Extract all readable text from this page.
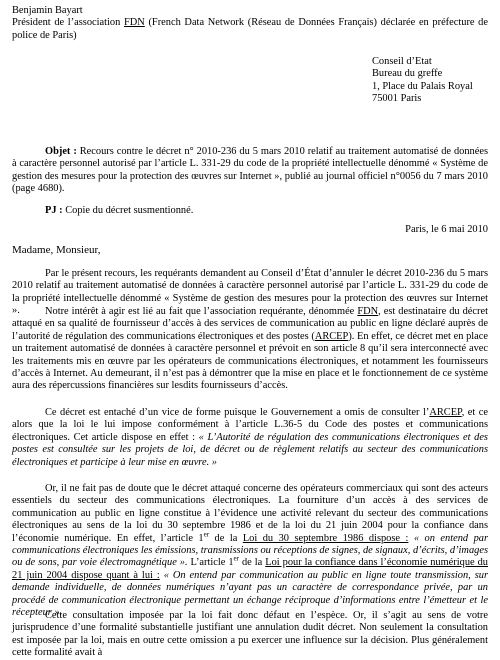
Benjamin Bayart
Président de l’association FDN (French Data Network (Réseau de Données Français) déclarée en préfecture de police de Paris)
Conseil d’Etat
Bureau du greffe
1, Place du Palais Royal
75001 Paris

Objet : Recours contre le décret n° 2010-236 du 5 mars 2010 relatif au traitement automatisé de données à caractère personnel autorisé par l’article L. 331-29 du code de la propriété intellectuelle dénommé « Système de gestion des mesures pour la protection des œuvres sur Internet », publié au journal officiel n°0056 du 7 mars 2010 (page 4680).

PJ : Copie du décret susmentionné.

Paris, le 6 mai 2010

Madame, Monsieur,

Par le présent recours, les requérants demandent au Conseil d’État d’annuler le décret 2010-236 du 5 mars 2010 relatif au traitement automatisé de données à caractère personnel autorisé par l’article L. 331-29 du code de la propriété intellectuelle dénommé « Système de gestion des mesures pour la protection des œuvres sur Internet ».	Notre intérêt à agir est lié au fait que l’association requérante, dénommée FDN, est destinataire du décret attaqué en sa qualité de fournisseur d’accès à des services de communication au public en ligne déclaré auprès de l’autorité de régulation des communications électroniques et des postes (ARCEP). En effet, ce décret met en place un traitement automatisé de données à caractère personnel et prévoit en son article 8 qu’il sera interconnecté avec les traitements mis en œuvre par les opérateurs de communications électroniques, et notamment les fournisseurs d’accès à Internet. Au demeurant, il n’est pas à démontrer que la mise en place et le fonctionnement de ce système aura des répercussions financières sur lesdits fournisseurs d’accès.

Ce décret est entaché d’un vice de forme puisque le Gouvernement a omis de consulter l’ARCEP, et ce alors que la loi le lui impose conformément à l’article L.36-5 du Code des postes et communications électroniques. Cet article dispose en effet : « L’Autorité de régulation des communications électroniques et des postes est consultée sur les projets de loi, de décret ou de règlement relatifs au secteur des communications électroniques et participe à leur mise en œuvre. »

Or, il ne fait pas de doute que le décret attaqué concerne des opérateurs commerciaux qui sont des acteurs essentiels du secteur des communications électroniques. La fourniture d’un accès à des services de communication au public en ligne constitue à l’évidence une activité relevant du secteur des communications électroniques au sens de la loi du 30 septembre 1986 et de la loi du 21 juin 2004 pour la confiance dans l’économie numérique. En effet, l’article 1er de la Loi du 30 septembre 1986 dispose : « on entend par communications électroniques les émissions, transmissions ou réceptions de signes, de signaux, d’écrits, d’images ou de sons, par voie électromagnétique ». L’article 1er de la Loi pour la confiance dans l’économie numérique du 21 juin 2004 dispose quant à lui : « On entend par communication au public en ligne toute transmission, sur demande individuelle, de données numériques n’ayant pas un caractère de correspondance privée, par un procédé de communication électronique permettant un échange réciproque d’informations entre l’émetteur et le récepteur ».

Cette consultation imposée par la loi fait donc défaut en l’espèce. Or, il s’agit au sens de votre jurisprudence d’une formalité substantielle justifiant une annulation dudit décret. Non seulement la consultation est imposée par la loi, mais en outre cette omission a pu exercer une influence sur la décision. Plus généralement cette formalité avait à
